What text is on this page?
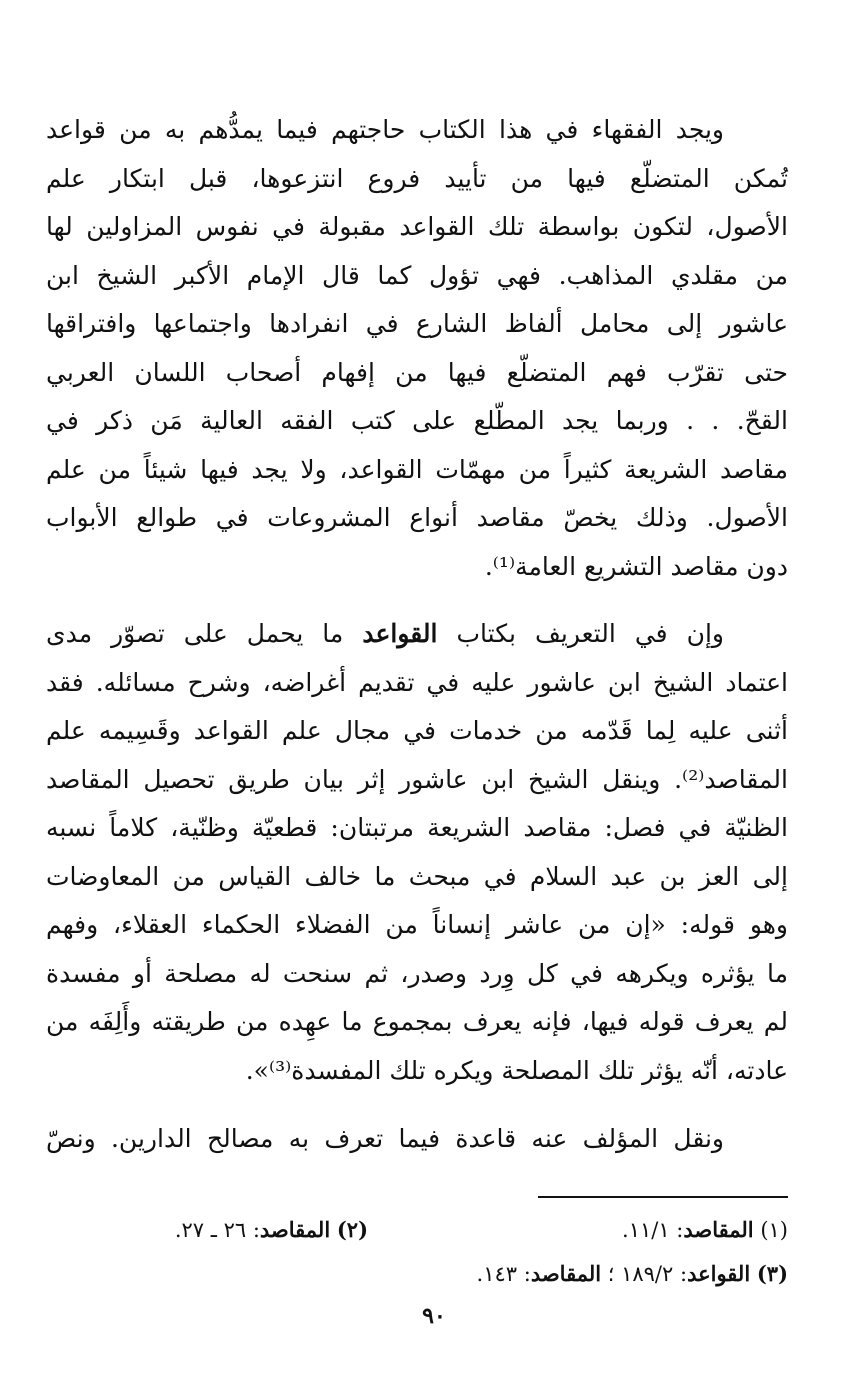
ويجد الفقهاء في هذا الكتاب حاجتهم فيما يمدُّهم به من قواعد
تُمكن المتضلّع فيها من تأييد فروع انتزعوها، قبل ابتكار علم
الأصول، لتكون بواسطة تلك القواعد مقبولة في نفوس المزاولين لها
من مقلدي المذاهب. فهي تؤول كما قال الإمام الأكبر الشيخ ابن
عاشور إلى محامل ألفاظ الشارع في انفرادها واجتماعها وافتراقها
حتى تقرّب فهم المتضلّع فيها من إفهام أصحاب اللسان العربي
القحّ. . . وربما يجد المطّلع على كتب الفقه العالية مَن ذكر في
مقاصد الشريعة كثيراً من مهمّات القواعد، ولا يجد فيها شيئاً من علم
الأصول. وذلك يخصّ مقاصد أنواع المشروعات في طوالع الأبواب
دون مقاصد التشريع العامة⁽¹⁾.
وإن في التعريف بكتاب القواعد ما يحمل على تصوّر مدى
اعتماد الشيخ ابن عاشور عليه في تقديم أغراضه، وشرح مسائله. فقد
أثنى عليه لِما قَدّمه من خدمات في مجال علم القواعد وقَسِيمه علم
المقاصد⁽²⁾. وينقل الشيخ ابن عاشور إثر بيان طريق تحصيل المقاصد
الظنيّة في فصل: مقاصد الشريعة مرتبتان: قطعيّة وظنّية، كلاماً نسبه
إلى العز بن عبد السلام في مبحث ما خالف القياس من المعاوضات
وهو قوله: «إن من عاشر إنساناً من الفضلاء الحكماء العقلاء، وفهم
ما يؤثره ويكرهه في كل وِرد وصدر، ثم سنحت له مصلحة أو مفسدة
لم يعرف قوله فيها، فإنه يعرف بمجموع ما عهِده من طريقته وأَلِفَه من
عادته، أنّه يؤثر تلك المصلحة ويكره تلك المفسدة⁽³⁾».
ونقل المؤلف عنه قاعدة فيما تعرف به مصالح الدارين. ونصّ
(١) المقاصد: ١١/١.
(٢) المقاصد: ٢٦ ـ ٢٧.
(٣) القواعد: ١٨٩/٢ ؛ المقاصد: ١٤٣.
٩٠
